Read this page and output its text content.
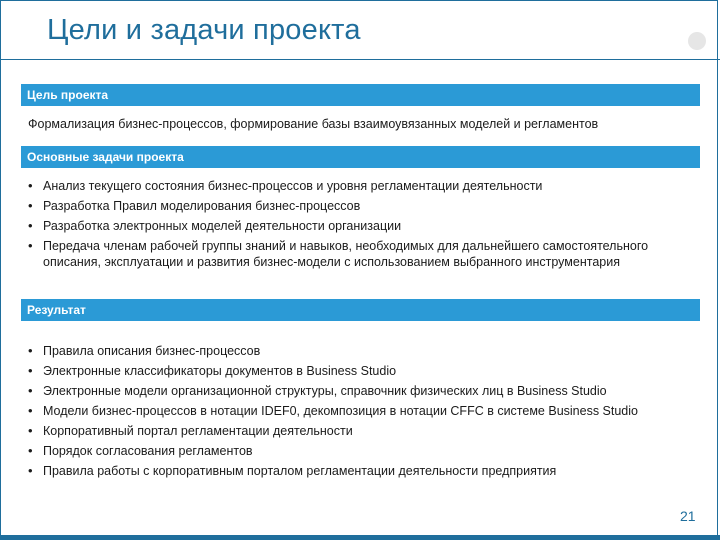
Цели и задачи проекта
Цель проекта
Формализация бизнес-процессов, формирование базы взаимоувязанных моделей и регламентов
Основные задачи проекта
• Анализ текущего состояния бизнес-процессов и уровня регламентации деятельности
• Разработка Правил моделирования бизнес-процессов
• Разработка электронных моделей деятельности организации
• Передача членам рабочей группы знаний и навыков, необходимых для дальнейшего самостоятельного описания, эксплуатации и развития бизнес-модели с использованием выбранного инструментария
Результат
• Правила описания бизнес-процессов
• Электронные классификаторы документов в Business Studio
• Электронные модели организационной структуры, справочник физических лиц в Business Studio
• Модели бизнес-процессов в нотации IDEF0, декомпозиция в нотации CFFC в системе Business Studio
• Корпоративный портал регламентации деятельности
• Порядок согласования регламентов
• Правила работы с корпоративным порталом регламентации деятельности предприятия
21
